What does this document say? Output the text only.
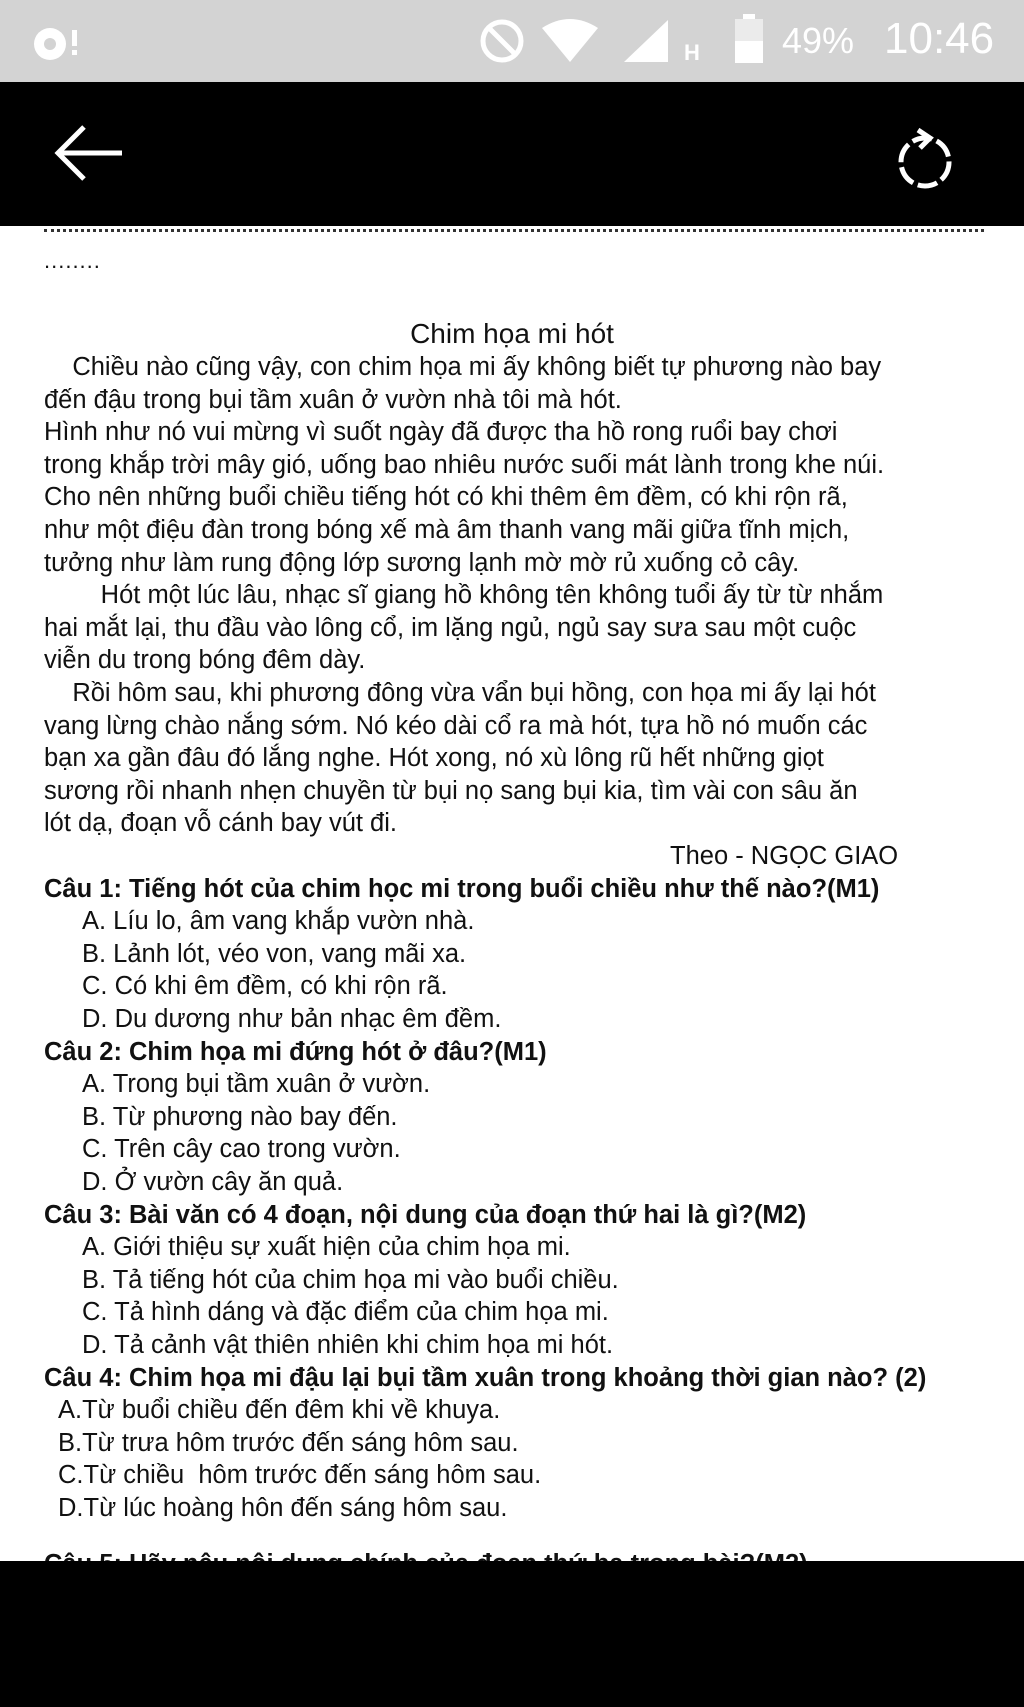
H 49% 10:46
........
Chim họa mi hót
Chiều nào cũng vậy, con chim họa mi ấy không biết tự phương nào bay
đến đậu trong bụi tầm xuân ở vườn nhà tôi mà hót.
Hình như nó vui mừng vì suốt ngày đã được tha hồ rong ruổi bay chơi
trong khắp trời mây gió, uống bao nhiêu nước suối mát lành trong khe núi.
Cho nên những buổi chiều tiếng hót có khi thêm êm đềm, có khi rộn rã,
như một điệu đàn trong bóng xế mà âm thanh vang mãi giữa tĩnh mịch,
tưởng như làm rung động lớp sương lạnh mờ mờ rủ xuống cỏ cây.
Hót một lúc lâu, nhạc sĩ giang hồ không tên không tuổi ấy từ từ nhắm
hai mắt lại, thu đầu vào lông cổ, im lặng ngủ, ngủ say sưa sau một cuộc
viễn du trong bóng đêm dày.
Rồi hôm sau, khi phương đông vừa vẩn bụi hồng, con họa mi ấy lại hót
vang lừng chào nắng sớm. Nó kéo dài cổ ra mà hót, tựa hồ nó muốn các
bạn xa gần đâu đó lắng nghe. Hót xong, nó xù lông rũ hết những giọt
sương rồi nhanh nhẹn chuyền từ bụi nọ sang bụi kia, tìm vài con sâu ăn
lót dạ, đoạn vỗ cánh bay vút đi.
Theo - NGỌC GIAO
Câu 1: Tiếng hót của chim học mi trong buổi chiều như thế nào?(M1)
A. Líu lo, âm vang khắp vườn nhà.
B. Lảnh lót, véo von, vang mãi xa.
C. Có khi êm đềm, có khi rộn rã.
D. Du dương như bản nhạc êm đềm.
Câu 2: Chim họa mi đứng hót ở đâu?(M1)
A. Trong bụi tầm xuân ở vườn.
B. Từ phương nào bay đến.
C. Trên cây cao trong vườn.
D. Ở vườn cây ăn quả.
Câu 3: Bài văn có 4 đoạn, nội dung của đoạn thứ hai là gì?(M2)
A. Giới thiệu sự xuất hiện của chim họa mi.
B. Tả tiếng hót của chim họa mi vào buổi chiều.
C. Tả hình dáng và đặc điểm của chim họa mi.
D. Tả cảnh vật thiên nhiên khi chim họa mi hót.
Câu 4: Chim họa mi đậu lại bụi tầm xuân trong khoảng thời gian nào? (2)
A.Từ buổi chiều đến đêm khi về khuya.
B.Từ trưa hôm trước đến sáng hôm sau.
C.Từ chiều  hôm trước đến sáng hôm sau.
D.Từ lúc hoàng hôn đến sáng hôm sau.
